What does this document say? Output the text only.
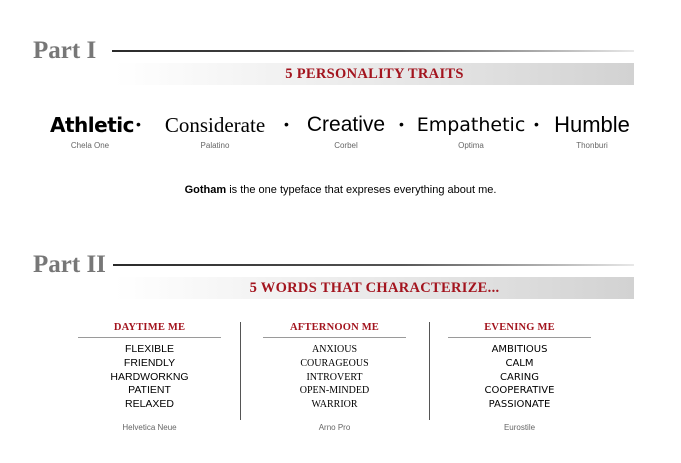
Part I
5 PERSONALITY TRAITS
Athletic
Chela One
•	Considerate
Palatino
• Creative
Corbel
• Empathetic
Optima
• Humble
Thonburi
Gotham is the one typeface that expreses everything about me.
Part II
5 WORDS THAT CHARACTERIZE...
DAYTIME ME
FLEXIBLE
FRIENDLY
HARDWORKNG
PATIENT
RELAXED
Helvetica Neue
AFTERNOON ME
ANXIOUS
COURAGEOUS
INTROVERT
OPEN-MINDED
WARRIOR
Arno Pro
EVENING ME
AMBITIOUS
CALM
CARING
COOPERATIVE
PASSIONATE
Eurostile
